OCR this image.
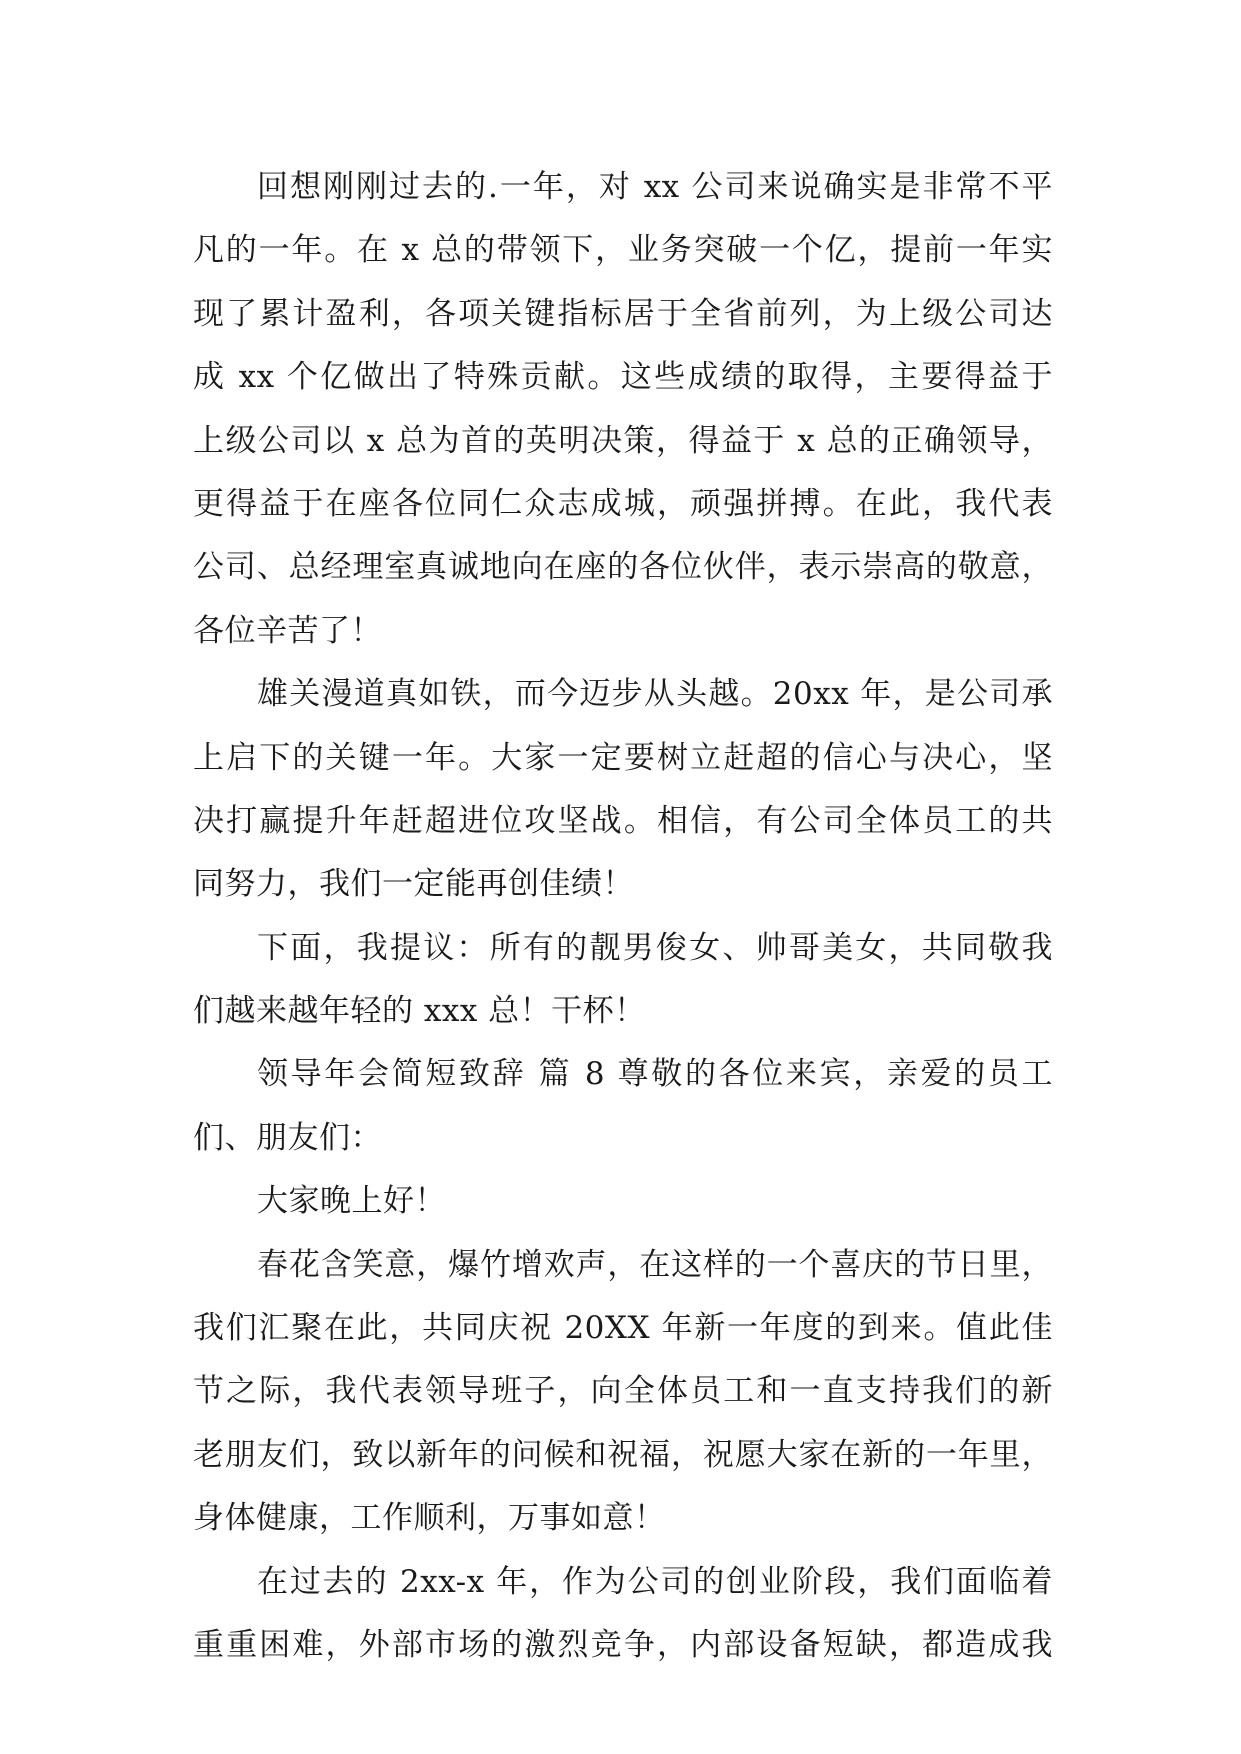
回想刚刚过去的.一年，对 xx 公司来说确实是非常不平
凡的一年。在 x 总的带领下，业务突破一个亿，提前一年实
现了累计盈利，各项关键指标居于全省前列，为上级公司达
成 xx 个亿做出了特殊贡献。这些成绩的取得，主要得益于
上级公司以 x 总为首的英明决策，得益于 x 总的正确领导，
更得益于在座各位同仁众志成城，顽强拼搏。在此，我代表
公司、总经理室真诚地向在座的各位伙伴，表示崇高的敬意，
各位辛苦了！
雄关漫道真如铁，而今迈步从头越。20xx 年，是公司承
上启下的关键一年。大家一定要树立赶超的信心与决心，坚
决打赢提升年赶超进位攻坚战。相信，有公司全体员工的共
同努力，我们一定能再创佳绩！
下面，我提议：所有的靓男俊女、帅哥美女，共同敬我
们越来越年轻的 xxx 总！干杯！
领导年会简短致辞 篇 8 尊敬的各位来宾，亲爱的员工
们、朋友们：
大家晚上好！
春花含笑意，爆竹增欢声，在这样的一个喜庆的节日里，
我们汇聚在此，共同庆祝 20XX 年新一年度的到来。值此佳
节之际，我代表领导班子，向全体员工和一直支持我们的新
老朋友们，致以新年的问候和祝福，祝愿大家在新的一年里，
身体健康，工作顺利，万事如意！
在过去的 2xx-x 年，作为公司的创业阶段，我们面临着
重重困难，外部市场的激烈竞争，内部设备短缺，都造成我
